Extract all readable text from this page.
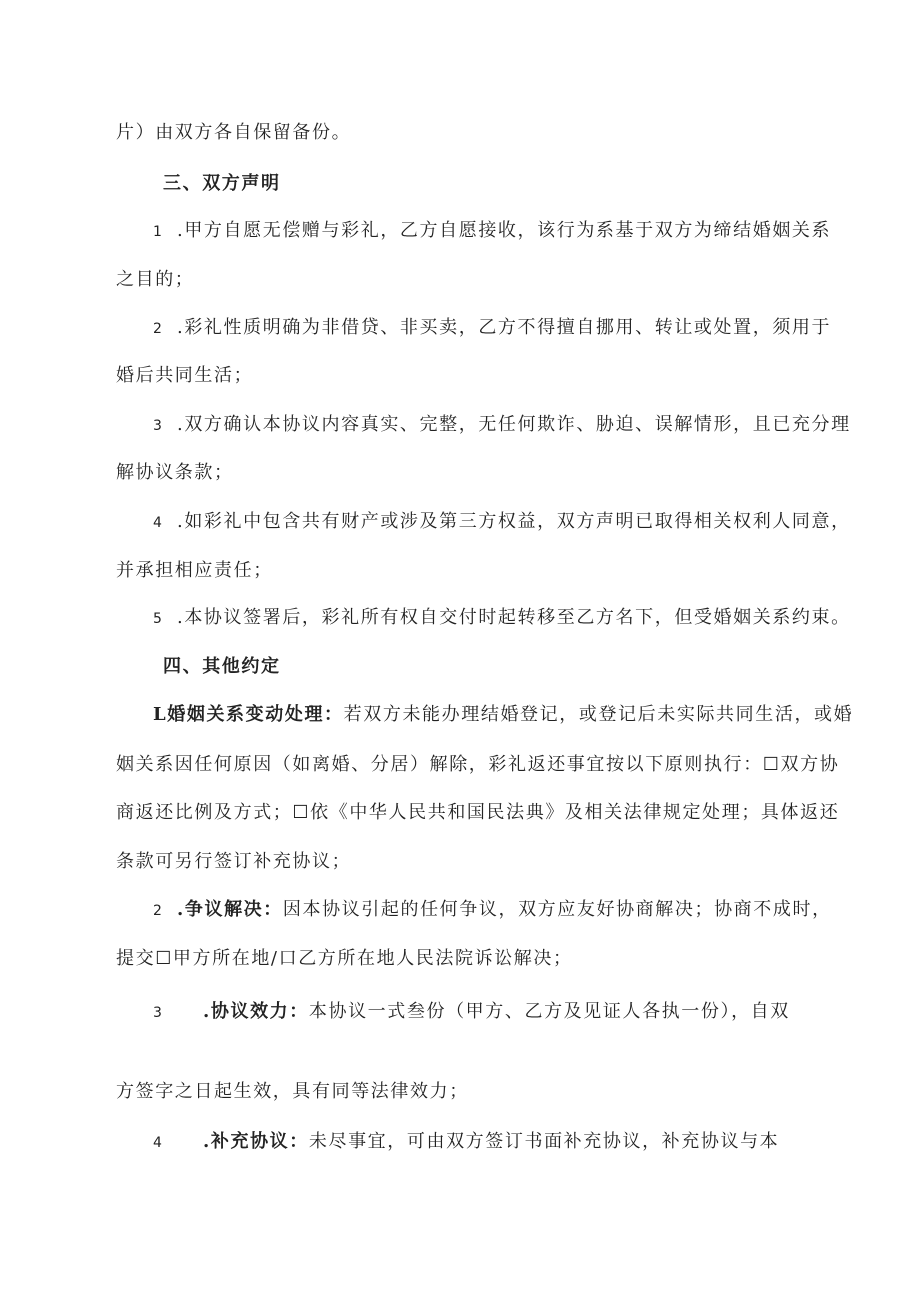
片）由双方各自保留备份。
三、双方声明
1 .甲方自愿无偿赠与彩礼，乙方自愿接收，该行为系基于双方为缔结婚姻关系
之目的；
2 .彩礼性质明确为非借贷、非买卖，乙方不得擅自挪用、转让或处置，须用于
婚后共同生活；
3 .双方确认本协议内容真实、完整，无任何欺诈、胁迫、误解情形，且已充分理
解协议条款；
4 .如彩礼中包含共有财产或涉及第三方权益，双方声明已取得相关权利人同意，
并承担相应责任；
5 .本协议签署后，彩礼所有权自交付时起转移至乙方名下，但受婚姻关系约束。
四、其他约定
L婚姻关系变动处理：若双方未能办理结婚登记，或登记后未实际共同生活，或婚
姻关系因任何原因（如离婚、分居）解除，彩礼返还事宜按以下原则执行：☐双方协
商返还比例及方式；☐依《中华人民共和国民法典》及相关法律规定处理；具体返还
条款可另行签订补充协议；
2 .争议解决：因本协议引起的任何争议，双方应友好协商解决；协商不成时，
提交☐甲方所在地/口乙方所在地人民法院诉讼解决；
3 .协议效力：本协议一式叁份（甲方、乙方及见证人各执一份），自双
方签字之日起生效，具有同等法律效力；
4 .补充协议：未尽事宜，可由双方签订书面补充协议，补充协议与本
